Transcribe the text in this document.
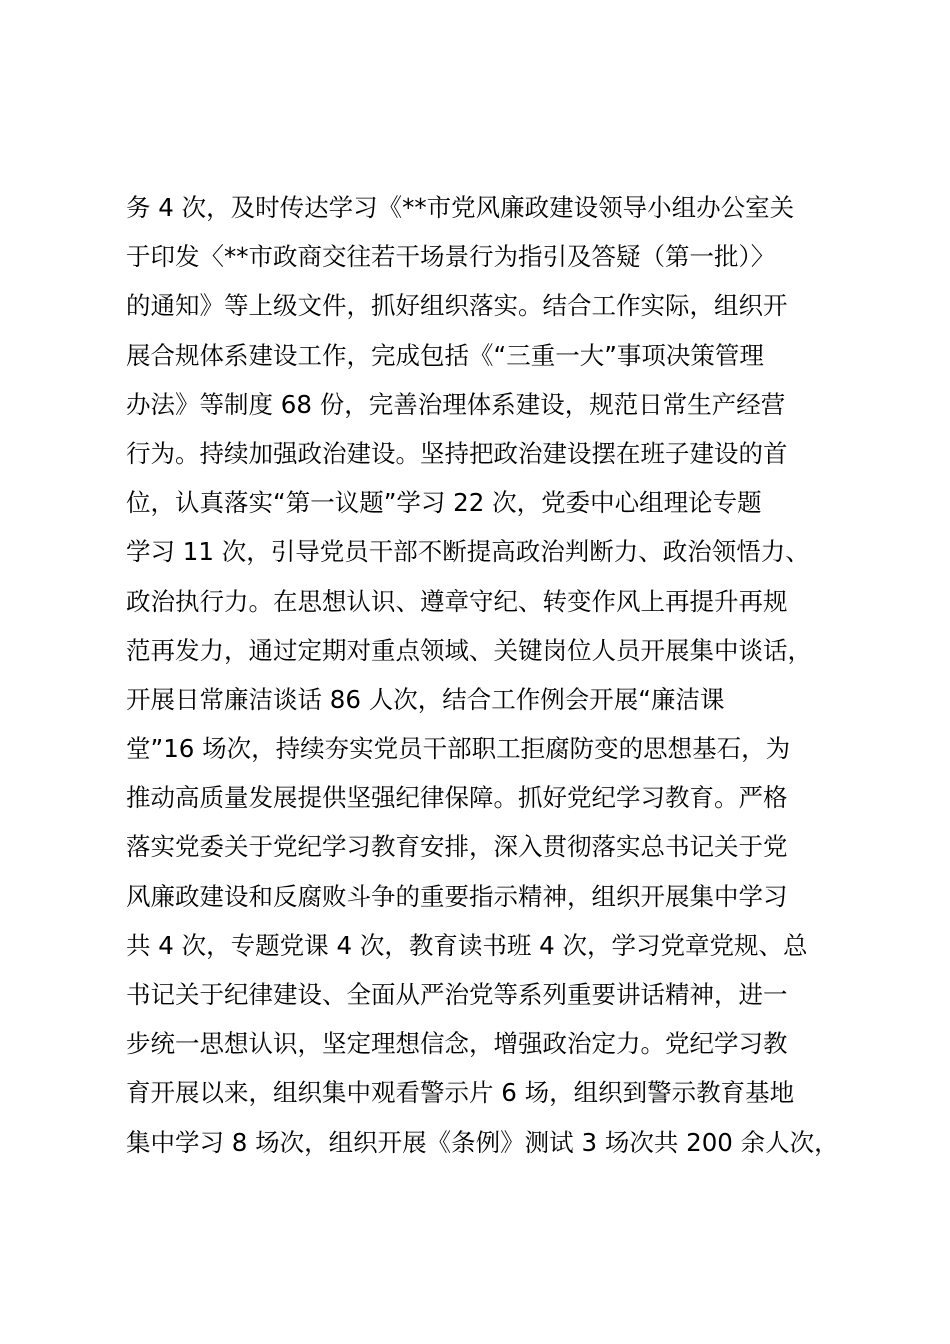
务 4 次，及时传达学习《**市党风廉政建设领导小组办公室关
于印发〈**市政商交往若干场景行为指引及答疑（第一批）〉
的通知》等上级文件，抓好组织落实。结合工作实际，组织开
展合规体系建设工作，完成包括《“三重一大”事项决策管理
办法》等制度 68 份，完善治理体系建设，规范日常生产经营
行为。持续加强政治建设。坚持把政治建设摆在班子建设的首
位，认真落实“第一议题”学习 22 次，党委中心组理论专题
学习 11 次，引导党员干部不断提高政治判断力、政治领悟力、
政治执行力。在思想认识、遵章守纪、转变作风上再提升再规
范再发力，通过定期对重点领域、关键岗位人员开展集中谈话，
开展日常廉洁谈话 86 人次，结合工作例会开展“廉洁课
堂”16 场次，持续夯实党员干部职工拒腐防变的思想基石，为
推动高质量发展提供坚强纪律保障。抓好党纪学习教育。严格
落实党委关于党纪学习教育安排，深入贯彻落实总书记关于党
风廉政建设和反腐败斗争的重要指示精神，组织开展集中学习
共 4 次，专题党课 4 次，教育读书班 4 次，学习党章党规、总
书记关于纪律建设、全面从严治党等系列重要讲话精神，进一
步统一思想认识，坚定理想信念，增强政治定力。党纪学习教
育开展以来，组织集中观看警示片 6 场，组织到警示教育基地
集中学习 8 场次，组织开展《条例》测试 3 场次共 200 余人次，
